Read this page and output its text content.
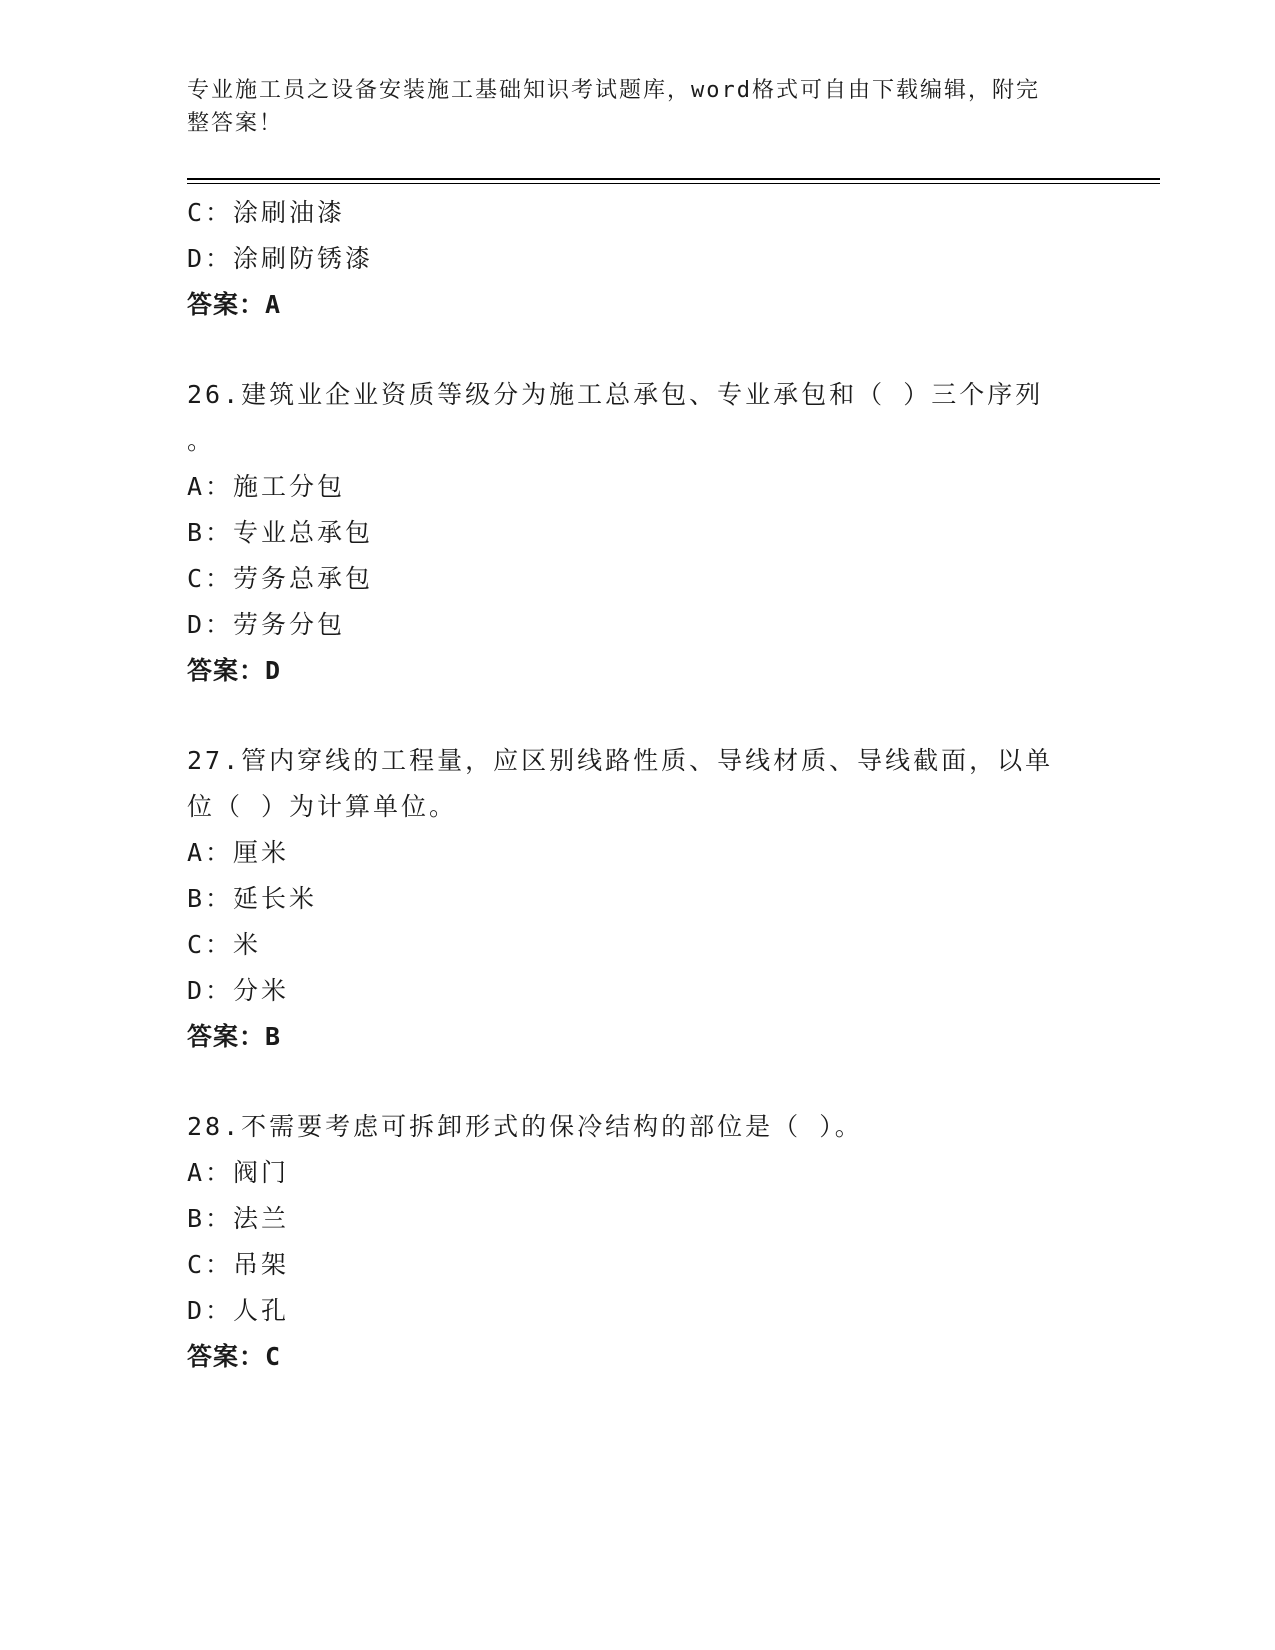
专业施工员之设备安装施工基础知识考试题库，word格式可自由下载编辑，附完
整答案！

C：涂刷油漆

D：涂刷防锈漆

答案：A

26.建筑业企业资质等级分为施工总承包、专业承包和（ ）三个序列

。

A：施工分包

B：专业总承包

C：劳务总承包

D：劳务分包

答案：D

27.管内穿线的工程量，应区别线路性质、导线材质、导线截面，以单

位（ ）为计算单位。

A：厘米

B：延长米

C：米

D：分米

答案：B

28.不需要考虑可拆卸形式的保冷结构的部位是（ ）。

A：阀门

B：法兰

C：吊架

D：人孔

答案：C
